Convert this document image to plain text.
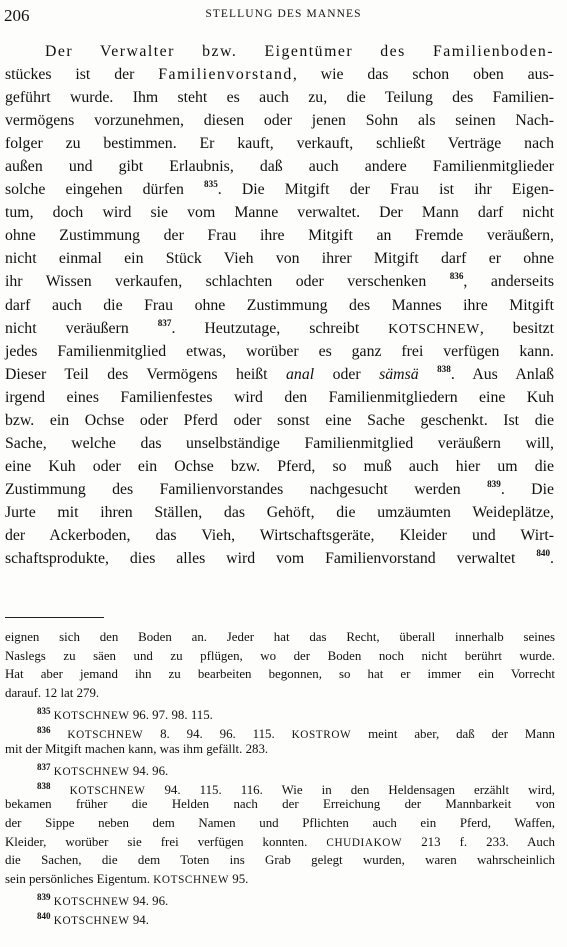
206	STELLUNG DES MANNES
Der Verwalter bzw. Eigentümer des Familienboden-
stückes ist der Familienvorstand, wie das schon oben aus-
geführt wurde. Ihm steht es auch zu, die Teilung des Familien-
vermögens vorzunehmen, diesen oder jenen Sohn als seinen Nach-
folger zu bestimmen. Er kauft, verkauft, schließt Verträge nach
außen und gibt Erlaubnis, daß auch andere Familienmitglieder
solche eingehen dürfen $^{835}$. Die Mitgift der Frau ist ihr Eigen-
tum, doch wird sie vom Manne verwaltet. Der Mann darf nicht
ohne Zustimmung der Frau ihre Mitgift an Fremde veräußern,
nicht einmal ein Stück Vieh von ihrer Mitgift darf er ohne
ihr Wissen verkaufen, schlachten oder verschenken $^{836}$, anderseits
darf auch die Frau ohne Zustimmung des Mannes ihre Mitgift
nicht veräußern $^{837}$. Heutzutage, schreibt KOTSCHNEW, besitzt
jedes Familienmitglied etwas, worüber es ganz frei verfügen kann.
Dieser Teil des Vermögens heißt anal oder sämsä $^{838}$. Aus Anlaß
irgend eines Familienfestes wird den Familienmitgliedern eine Kuh
bzw. ein Ochse oder Pferd oder sonst eine Sache geschenkt. Ist die
Sache, welche das unselbständige Familienmitglied veräußern will,
eine Kuh oder ein Ochse bzw. Pferd, so muß auch hier um die
Zustimmung des Familienvorstandes nachgesucht werden $^{839}$. Die
Jurte mit ihren Ställen, das Gehöft, die umzäumten Weideplätze,
der Ackerboden, das Vieh, Wirtschaftsgeräte, Kleider und Wirt-
schaftsprodukte, dies alles wird vom Familienvorstand verwaltet $^{840}$.
eignen sich den Boden an. Jeder hat das Recht, überall innerhalb seines
Naslegs zu säen und zu pflügen, wo der Boden noch nicht berührt wurde.
Hat aber jemand ihn zu bearbeiten begonnen, so hat er immer ein Vorrecht
darauf. 12 lat 279.
$^{835}$ KOTSCHNEW 96. 97. 98. 115.
$^{836}$ KOTSCHNEW 8. 94. 96. 115. KOSTROW meint aber, daß der Mann
mit der Mitgift machen kann, was ihm gefällt. 283.
$^{837}$ KOTSCHNEW 94. 96.
$^{838}$ KOTSCHNEW 94. 115. 116. Wie in den Heldensagen erzählt wird,
bekamen früher die Helden nach der Erreichung der Mannbarkeit von
der Sippe neben dem Namen und Pflichten auch ein Pferd, Waffen,
Kleider, worüber sie frei verfügen konnten. CHUDIAKOW 213 f. 233. Auch
die Sachen, die dem Toten ins Grab gelegt wurden, waren wahrscheinlich
sein persönliches Eigentum. KOTSCHNEW 95.
$^{839}$ KOTSCHNEW 94. 96.
$^{840}$ KOTSCHNEW 94.
